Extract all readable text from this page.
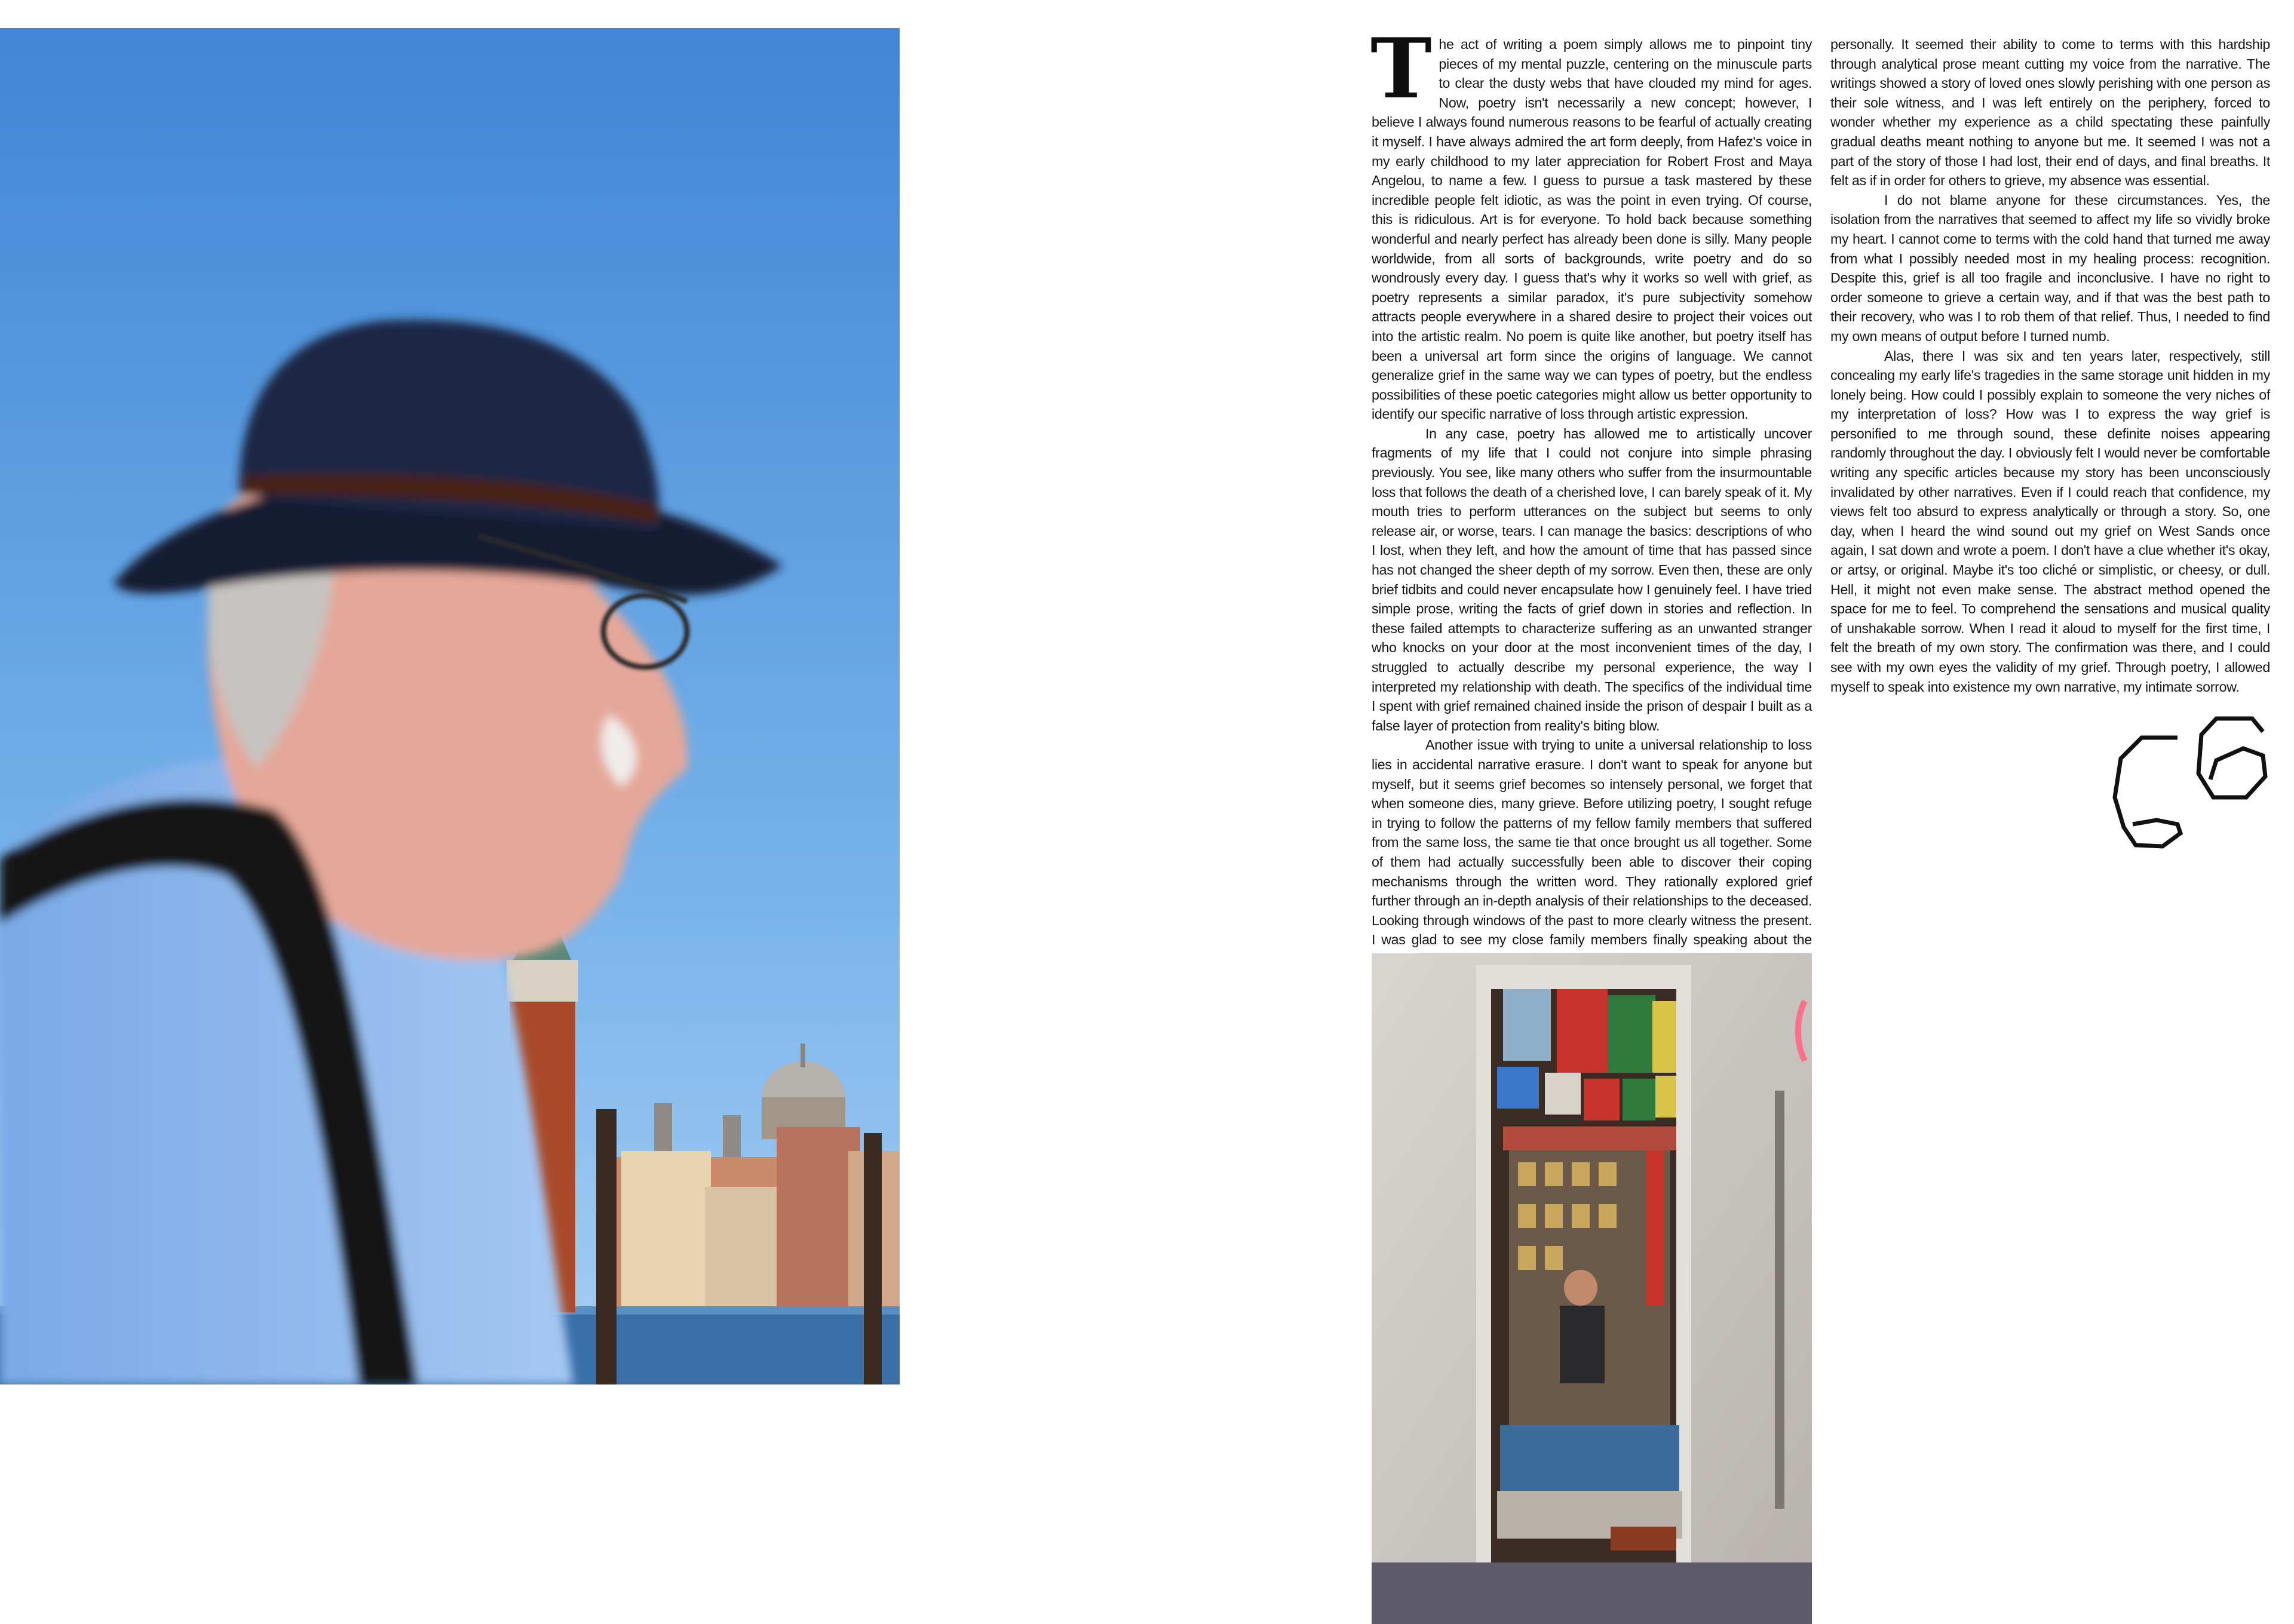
The act of writing a poem simply allows me to pinpoint tiny pieces of my mental puzzle, centering on the minuscule parts to clear the dusty webs that have clouded my mind for ages. Now, poetry isn't necessarily a new concept; however, I believe I always found numerous reasons to be fearful of actually creating it myself. I have always admired the art form deeply, from Hafez's voice in my early childhood to my later appreciation for Robert Frost and Maya Angelou, to name a few. I guess to pursue a task mastered by these incredible people felt idiotic, as was the point in even trying. Of course, this is ridiculous. Art is for everyone. To hold back because something wonderful and nearly perfect has already been done is silly. Many people worldwide, from all sorts of backgrounds, write poetry and do so wondrously every day. I guess that's why it works so well with grief, as poetry represents a similar paradox, it's pure subjectivity somehow attracts people everywhere in a shared desire to project their voices out into the artistic realm. No poem is quite like another, but poetry itself has been a universal art form since the origins of language. We cannot generalize grief in the same way we can types of poetry, but the endless possibilities of these poetic categories might allow us better opportunity to identify our specific narrative of loss through artistic expression.

In any case, poetry has allowed me to artistically uncover fragments of my life that I could not conjure into simple phrasing previously. You see, like many others who suffer from the insurmountable loss that follows the death of a cherished love, I can barely speak of it. My mouth tries to perform utterances on the subject but seems to only release air, or worse, tears. I can manage the basics: descriptions of who I lost, when they left, and how the amount of time that has passed since has not changed the sheer depth of my sorrow. Even then, these are only brief tidbits and could never encapsulate how I genuinely feel. I have tried simple prose, writing the facts of grief down in stories and reflection. In these failed attempts to characterize suffering as an unwanted stranger who knocks on your door at the most inconvenient times of the day, I struggled to actually describe my personal experience, the way I interpreted my relationship with death. The specifics of the individual time I spent with grief remained chained inside the prison of despair I built as a false layer of protection from reality's biting blow.

Another issue with trying to unite a universal relationship to loss lies in accidental narrative erasure. I don't want to speak for anyone but myself, but it seems grief becomes so intensely personal, we forget that when someone dies, many grieve. Before utilizing poetry, I sought refuge in trying to follow the patterns of my fellow family members that suffered from the same loss, the same tie that once brought us all together. Some of them had actually successfully been able to discover their coping mechanisms through the written word. They rationally explored grief further through an in-depth analysis of their relationships to the deceased. Looking through windows of the past to more clearly witness the present. I was glad to see my close family members finally speaking about the

personally. It seemed their ability to come to terms with this hardship through analytical prose meant cutting my voice from the narrative. The writings showed a story of loved ones slowly perishing with one person as their sole witness, and I was left entirely on the periphery, forced to wonder whether my experience as a child spectating these painfully gradual deaths meant nothing to anyone but me. It seemed I was not a part of the story of those I had lost, their end of days, and final breaths. It felt as if in order for others to grieve, my absence was essential.

I do not blame anyone for these circumstances. Yes, the isolation from the narratives that seemed to affect my life so vividly broke my heart. I cannot come to terms with the cold hand that turned me away from what I possibly needed most in my healing process: recognition. Despite this, grief is all too fragile and inconclusive. I have no right to order someone to grieve a certain way, and if that was the best path to their recovery, who was I to rob them of that relief. Thus, I needed to find my own means of output before I turned numb.

Alas, there I was six and ten years later, respectively, still concealing my early life's tragedies in the same storage unit hidden in my lonely being. How could I possibly explain to someone the very niches of my interpretation of loss? How was I to express the way grief is personified to me through sound, these definite noises appearing randomly throughout the day. I obviously felt I would never be comfortable writing any specific articles because my story has been unconsciously invalidated by other narratives. Even if I could reach that confidence, my views felt too absurd to express analytically or through a story. So, one day, when I heard the wind sound out my grief on West Sands once again, I sat down and wrote a poem. I don't have a clue whether it's okay, or artsy, or original. Maybe it's too cliché or simplistic, or cheesy, or dull. Hell, it might not even make sense. The abstract method opened the space for me to feel. To comprehend the sensations and musical quality of unshakable sorrow. When I read it aloud to myself for the first time, I felt the breath of my own story. The confirmation was there, and I could see with my own eyes the validity of my grief. Through poetry, I allowed myself to speak into existence my own narrative, my intimate sorrow.
